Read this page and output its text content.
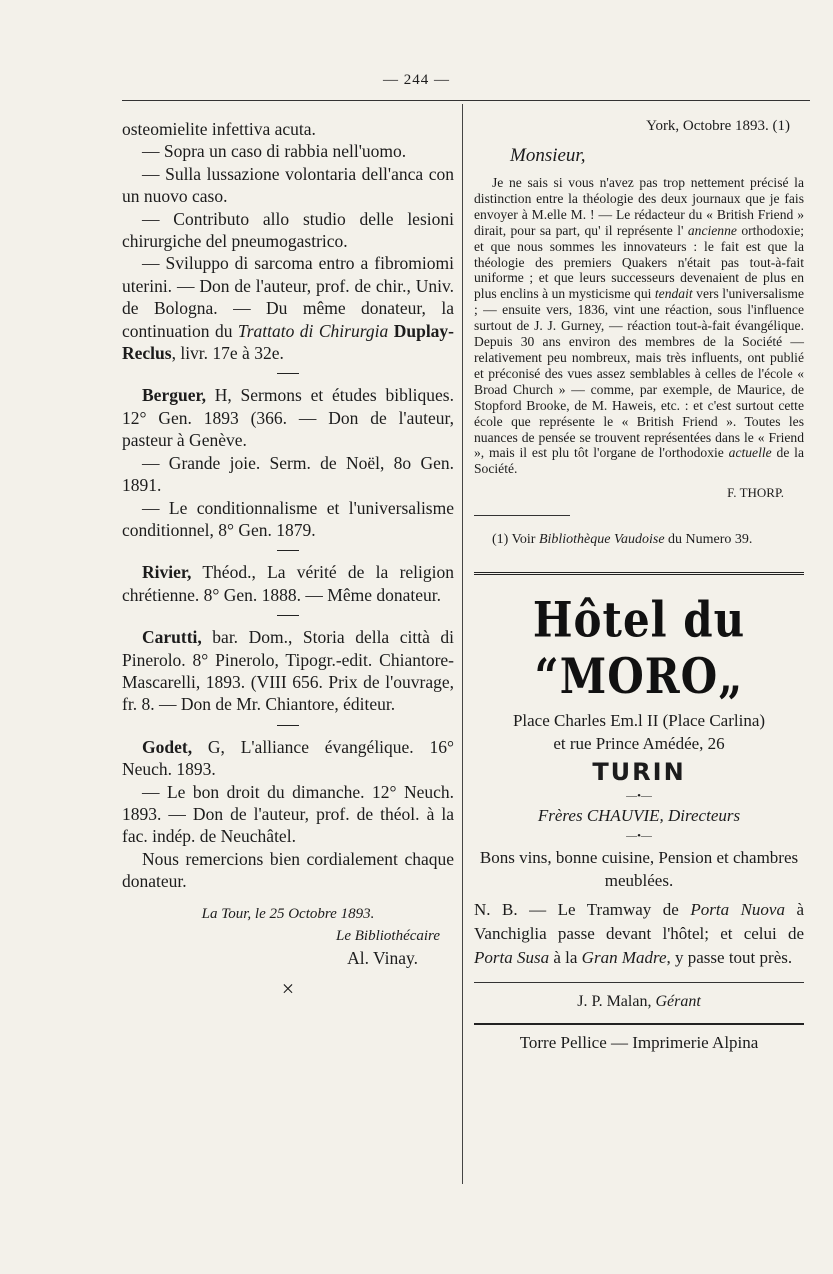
— 244 —

osteomielite infettiva acuta.

— Sopra un caso di rabbia nell'uomo.

— Sulla lussazione volontaria dell'anca con un nuovo caso.

— Contributo allo studio delle lesioni chirurgiche del pneumogastrico.

— Sviluppo di sarcoma entro a fibromiomi uterini. — Don de l'auteur, prof. de chir., Univ. de Bologna. — Du même donateur, la continuation du Trattato di Chirurgia Duplay-Reclus, livr. 17e à 32e.

Berguer, H, Sermons et études bibliques. 12° Gen. 1893 (366. — Don de l'auteur, pasteur à Genève.

— Grande joie. Serm. de Noël, 8o Gen. 1891.

— Le conditionnalisme et l'universalisme conditionnel, 8° Gen. 1879.

Rivier, Théod., La vérité de la religion chrétienne. 8° Gen. 1888. — Même donateur.

Carutti, bar. Dom., Storia della città di Pinerolo. 8° Pinerolo, Tipogr.-edit. Chiantore-Mascarelli, 1893. (VIII 656. Prix de l'ouvrage, fr. 8. — Don de Mr. Chiantore, éditeur.

Godet, G, L'alliance évangélique. 16° Neuch. 1893.

— Le bon droit du dimanche. 12° Neuch. 1893. — Don de l'auteur, prof. de théol. à la fac. indép. de Neuchâtel.

Nous remercions bien cordialement chaque donateur.

La Tour, le 25 Octobre 1893.

Le Bibliothécaire

Al. Vinay.

×

York, Octobre 1893. (1)
Monsieur,
Je ne sais si vous n'avez pas trop nettement précisé la distinction entre la théologie des deux journaux que je fais envoyer à M.elle M. ! — Le rédacteur du « British Friend » dirait, pour sa part, qu' il représente l' ancienne orthodoxie; et que nous sommes les innovateurs : le fait est que la théologie des premiers Quakers n'était pas tout-à-fait uniforme ; et que leurs successeurs devenaient de plus en plus enclins à un mysticisme qui tendait vers l'universalisme ; — ensuite vers, 1836, vint une réaction, sous l'influence surtout de J. J. Gurney, — réaction tout-à-fait évangélique. Depuis 30 ans environ des membres de la Société — relativement peu nombreux, mais très influents, ont publié et préconisé des vues assez semblables à celles de l'école « Broad Church » — comme, par exemple, de Maurice, de Stopford Brooke, de M. Haweis, etc. : et c'est surtout cette école que représente le « British Friend ». Toutes les nuances de pensée se trouvent représentées dans le « Friend », mais il est plu tôt l'organe de l'orthodoxie actuelle de la Société.
F. THORP.
(1) Voir Bibliothèque Vaudoise du Numero 39.
Hôtel du “MORO„
Place Charles Em.l II (Place Carlina)
et rue Prince Amédée, 26
TURIN
—•—
Frères CHAUVIE, Directeurs
—•—
Bons vins, bonne cuisine, Pension et chambres meublées.
N. B. — Le Tramway de Porta Nuova à Vanchiglia passe devant l'hôtel; et celui de Porta Susa à la Gran Madre, y passe tout près.
J. P. Malan, Gérant
Torre Pellice — Imprimerie Alpina
